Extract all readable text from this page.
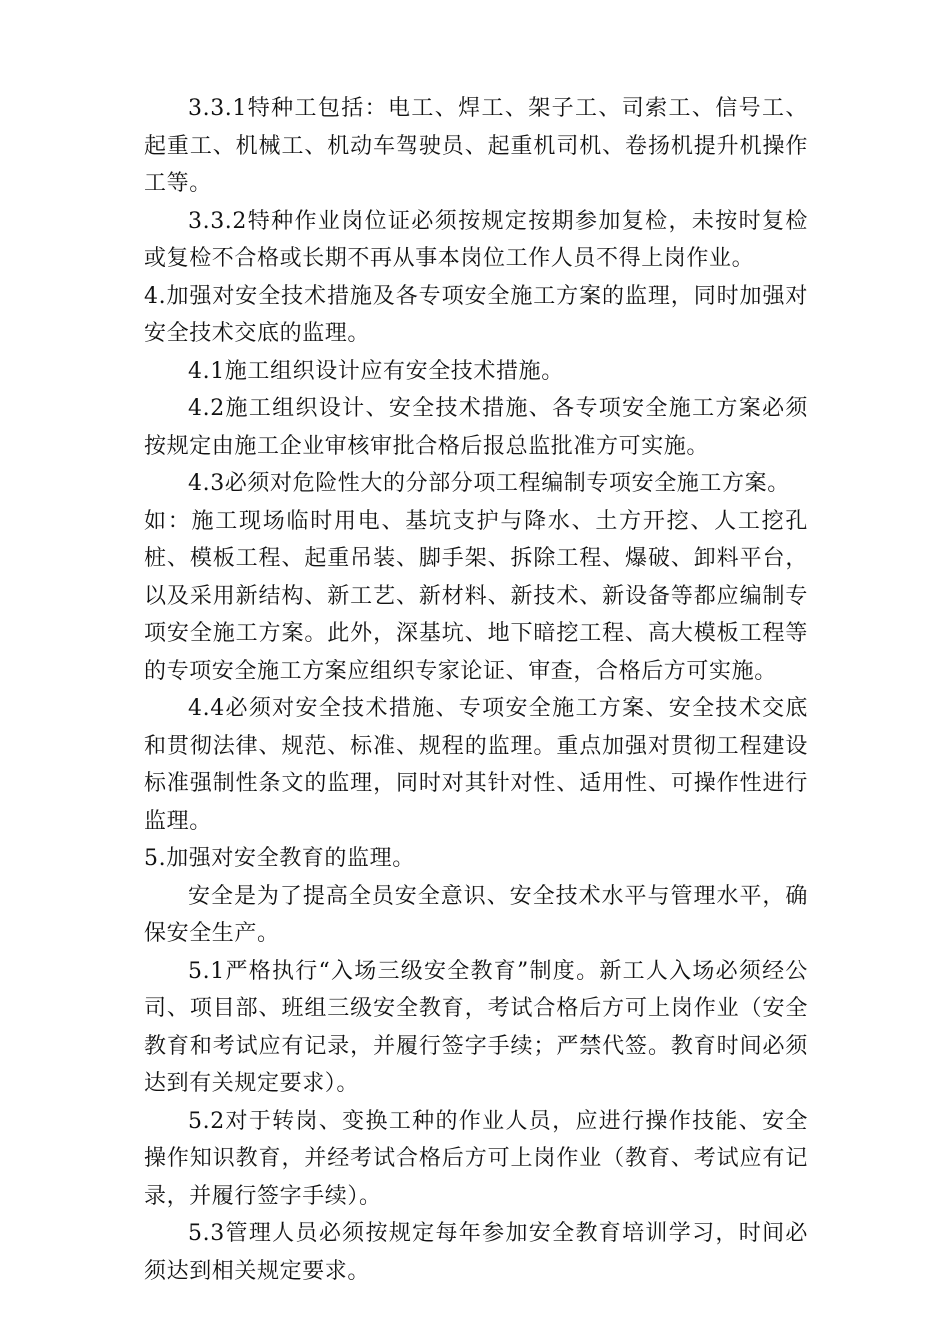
3.3.1特种工包括：电工、焊工、架子工、司索工、信号工、起重工、机械工、机动车驾驶员、起重机司机、卷扬机提升机操作工等。

3.3.2特种作业岗位证必须按规定按期参加复检，未按时复检或复检不合格或长期不再从事本岗位工作人员不得上岗作业。

4.加强对安全技术措施及各专项安全施工方案的监理，同时加强对安全技术交底的监理。

4.1施工组织设计应有安全技术措施。

4.2施工组织设计、安全技术措施、各专项安全施工方案必须按规定由施工企业审核审批合格后报总监批准方可实施。

4.3必须对危险性大的分部分项工程编制专项安全施工方案。

如：施工现场临时用电、基坑支护与降水、土方开挖、人工挖孔桩、模板工程、起重吊装、脚手架、拆除工程、爆破、卸料平台，以及采用新结构、新工艺、新材料、新技术、新设备等都应编制专项安全施工方案。此外，深基坑、地下暗挖工程、高大模板工程等的专项安全施工方案应组织专家论证、审查，合格后方可实施。

4.4必须对安全技术措施、专项安全施工方案、安全技术交底和贯彻法律、规范、标准、规程的监理。重点加强对贯彻工程建设标准强制性条文的监理，同时对其针对性、适用性、可操作性进行监理。

5.加强对安全教育的监理。

安全是为了提高全员安全意识、安全技术水平与管理水平，确保安全生产。

5.1严格执行“入场三级安全教育”制度。新工人入场必须经公司、项目部、班组三级安全教育，考试合格后方可上岗作业（安全教育和考试应有记录，并履行签字手续；严禁代签。教育时间必须达到有关规定要求）。

5.2对于转岗、变换工种的作业人员，应进行操作技能、安全操作知识教育，并经考试合格后方可上岗作业（教育、考试应有记录，并履行签字手续）。

5.3管理人员必须按规定每年参加安全教育培训学习，时间必须达到相关规定要求。
